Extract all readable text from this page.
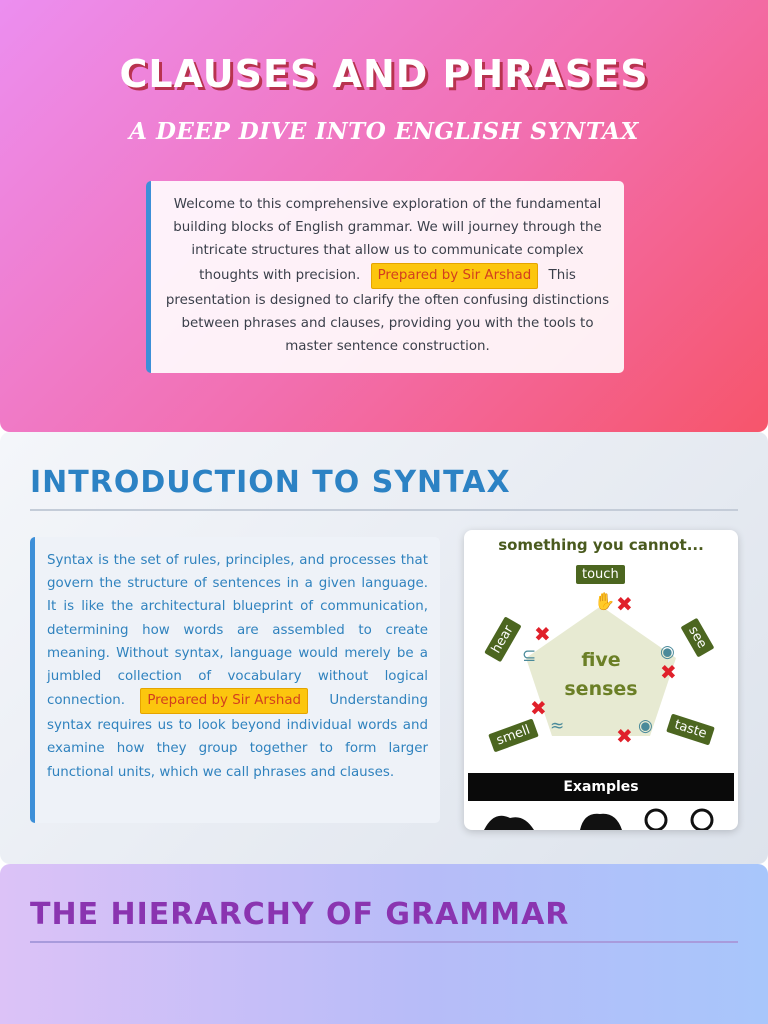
CLAUSES AND PHRASES
A DEEP DIVE INTO ENGLISH SYNTAX
Welcome to this comprehensive exploration of the fundamental building blocks of English grammar. We will journey through the intricate structures that allow us to communicate complex thoughts with precision. Prepared by Sir Arshad This presentation is designed to clarify the often confusing distinctions between phrases and clauses, providing you with the tools to master sentence construction.
INTRODUCTION TO SYNTAX
Syntax is the set of rules, principles, and processes that govern the structure of sentences in a given language. It is like the architectural blueprint of communication, determining how words are assembled to create meaning. Without syntax, language would merely be a jumbled collection of vocabulary without logical connection. Prepared by Sir Arshad Understanding syntax requires us to look beyond individual words and examine how they group together to form larger functional units, which we call phrases and clauses.
something you cannot...
five
senses
touch
see
taste
smell
hear
✋
◉
◉
≈
⊆
✖
✖
✖
✖
✖
Examples
THE HIERARCHY OF GRAMMAR
